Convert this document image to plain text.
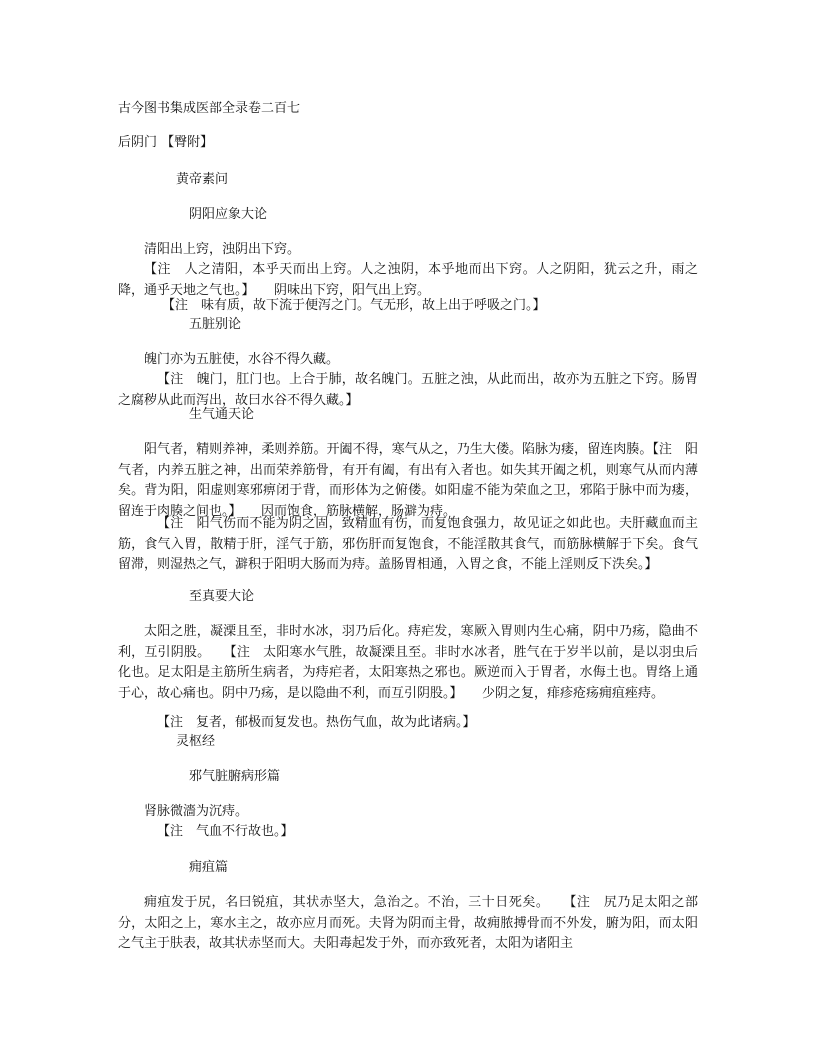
古今图书集成医部全录卷二百七
后阴门 【臀附】
黄帝素问
阴阳应象大论
清阳出上窍，浊阴出下窍。
【注　人之清阳，本乎天而出上窍。人之浊阴，本乎地而出下窍。人之阴阳，犹云之升，雨之降，通乎天地之气也。】　　阴味出下窍，阳气出上窍。
【注　味有质，故下流于便泻之门。气无形，故上出于呼吸之门。】
五脏别论
魄门亦为五脏使，水谷不得久藏。
【注　魄门，肛门也。上合于肺，故名魄门。五脏之浊，从此而出，故亦为五脏之下窍。肠胃之腐秽从此而泻出，故曰水谷不得久藏。】
生气通天论
阳气者，精则养神，柔则养筋。开阖不得，寒气从之，乃生大偻。陷脉为瘘，留连肉腠。【注　阳气者，内养五脏之神，出而荣养筋骨，有开有阖，有出有入者也。如失其开阖之机，则寒气从而内薄矣。背为阳，阳虚则寒邪痹闭于背，而形体为之俯偻。如阳虚不能为荣血之卫，邪陷于脉中而为瘘，留连于肉腠之间也。】　　因而饱食，筋脉横解，肠澼为痔。
【注　阳气伤而不能为阴之固，致精血有伤，而复饱食强力，故见证之如此也。夫肝藏血而主筋，食气入胃，散精于肝，淫气于筋，邪伤肝而复饱食，不能淫散其食气，而筋脉横解于下矣。食气留滞，则湿热之气，澼积于阳明大肠而为痔。盖肠胃相通，入胃之食，不能上淫则反下泆矣。】
至真要大论
太阳之胜，凝溧且至，非时水冰，羽乃后化。痔疟发，寒厥入胃则内生心痛，阴中乃疡，隐曲不利，互引阴股。　　【注　太阳寒水气胜，故凝溧且至。非时水冰者，胜气在于岁半以前，是以羽虫后化也。足太阳是主筋所生病者，为痔疟者，太阳寒热之邪也。厥逆而入于胃者，水侮土也。胃络上通于心，故心痛也。阴中乃疡，是以隐曲不利，而互引阴股。】　　少阴之复，痱疹疮疡痈疽痤痔。
【注　复者，郁极而复发也。热伤气血，故为此诸病。】
灵枢经
邪气脏腑病形篇
肾脉微濇为沉痔。
【注　气血不行故也。】
痈疽篇
痈疽发于尻，名曰锐疽，其状赤坚大，急治之。不治，三十日死矣。　　【注　尻乃足太阳之部分，太阳之上，寒水主之，故亦应月而死。夫肾为阴而主骨，故痈脓搏骨而不外发，腑为阳，而太阳之气主于肤表，故其状赤坚而大。夫阳毒起发于外，而亦致死者，太阳为诸阳主
